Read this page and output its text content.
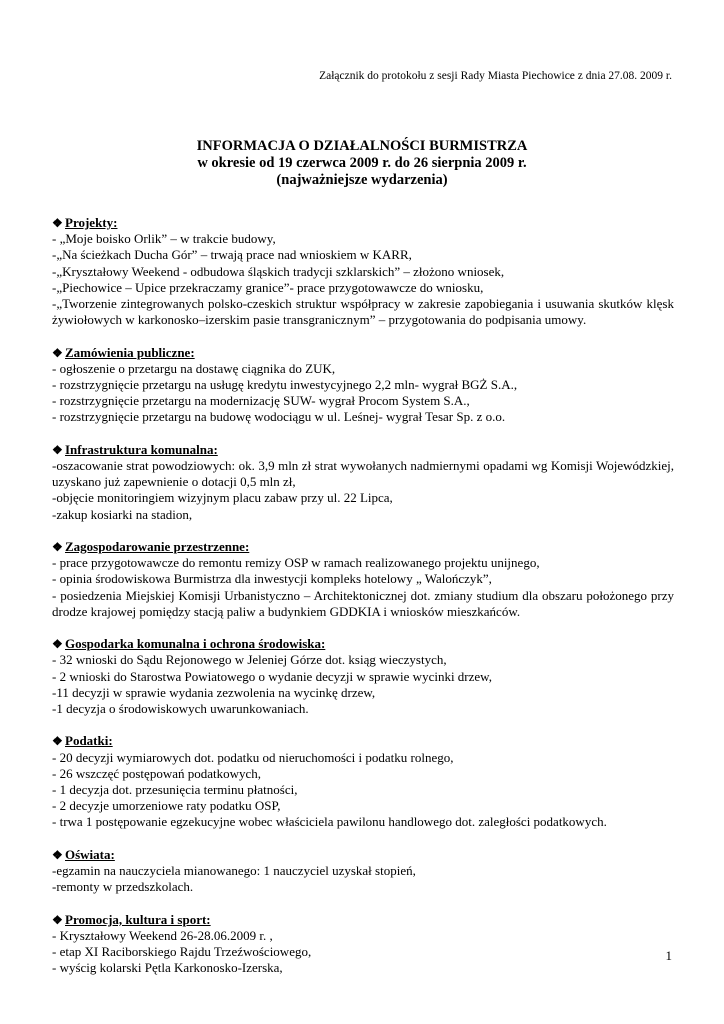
Załącznik do protokołu z sesji Rady Miasta Piechowice z dnia 27.08. 2009 r.
INFORMACJA O DZIAŁALNOŚCI BURMISTRZA
w okresie od 19 czerwca 2009 r. do 26 sierpnia 2009 r.
(najważniejsze wydarzenia)
❖ Projekty:
- „Moje boisko Orlik” – w trakcie budowy,
-„Na ścieżkach Ducha Gór” – trwają prace nad wnioskiem w KARR,
-„Kryształowy Weekend - odbudowa śląskich tradycji szklarskich” – złożono wniosek,
-„Piechowice – Upice przekraczamy granice”- prace przygotowawcze do wniosku,
-„Tworzenie zintegrowanych polsko-czeskich struktur współpracy w zakresie zapobiegania i usuwania skutków klęsk żywiołowych w karkonosko–izerskim pasie transgranicznym” – przygotowania do podpisania umowy.
❖ Zamówienia publiczne:
- ogłoszenie o przetargu na dostawę ciągnika do ZUK,
- rozstrzygnięcie przetargu na usługę kredytu inwestycyjnego 2,2 mln- wygrał BGŻ S.A.,
- rozstrzygnięcie przetargu na modernizację SUW- wygrał Procom System S.A.,
- rozstrzygnięcie przetargu na budowę wodociągu w ul. Leśnej- wygrał Tesar Sp. z o.o.
❖ Infrastruktura komunalna:
-oszacowanie strat powodziowych: ok. 3,9 mln zł strat wywołanych nadmiernymi opadami wg Komisji Wojewódzkiej, uzyskano już zapewnienie o dotacji 0,5 mln zł,
-objęcie monitoringiem wizyjnym placu zabaw przy ul. 22 Lipca,
-zakup kosiarki na stadion,
❖ Zagospodarowanie przestrzenne:
- prace przygotowawcze do remontu remizy OSP w ramach realizowanego projektu unijnego,
- opinia środowiskowa Burmistrza dla inwestycji kompleks hotelowy „ Walończyk”,
- posiedzenia Miejskiej Komisji Urbanistyczno – Architektonicznej dot. zmiany studium dla obszaru położonego przy drodze krajowej pomiędzy stacją paliw a budynkiem GDDKIA i wniosków mieszkańców.
❖ Gospodarka komunalna i ochrona środowiska:
- 32 wnioski do Sądu Rejonowego w Jeleniej Górze dot. ksiąg wieczystych,
- 2 wnioski do Starostwa Powiatowego o wydanie decyzji w sprawie wycinki drzew,
-11 decyzji w sprawie wydania zezwolenia na wycinkę drzew,
-1 decyzja o środowiskowych uwarunkowaniach.
❖ Podatki:
- 20 decyzji wymiarowych dot. podatku od nieruchomości i podatku rolnego,
- 26 wszczęć postępowań podatkowych,
- 1 decyzja dot. przesunięcia terminu płatności,
- 2 decyzje umorzeniowe raty podatku OSP,
- trwa 1 postępowanie egzekucyjne wobec właściciela pawilonu handlowego dot. zaległości podatkowych.
❖ Oświata:
-egzamin na nauczyciela mianowanego: 1 nauczyciel uzyskał stopień,
-remonty w przedszkolach.
❖ Promocja, kultura i sport:
- Kryształowy Weekend 26-28.06.2009 r. ,
- etap XI Raciborskiego Rajdu Trzeźwościowego,
- wyścig kolarski Pętla Karkonosko-Izerska,
1
